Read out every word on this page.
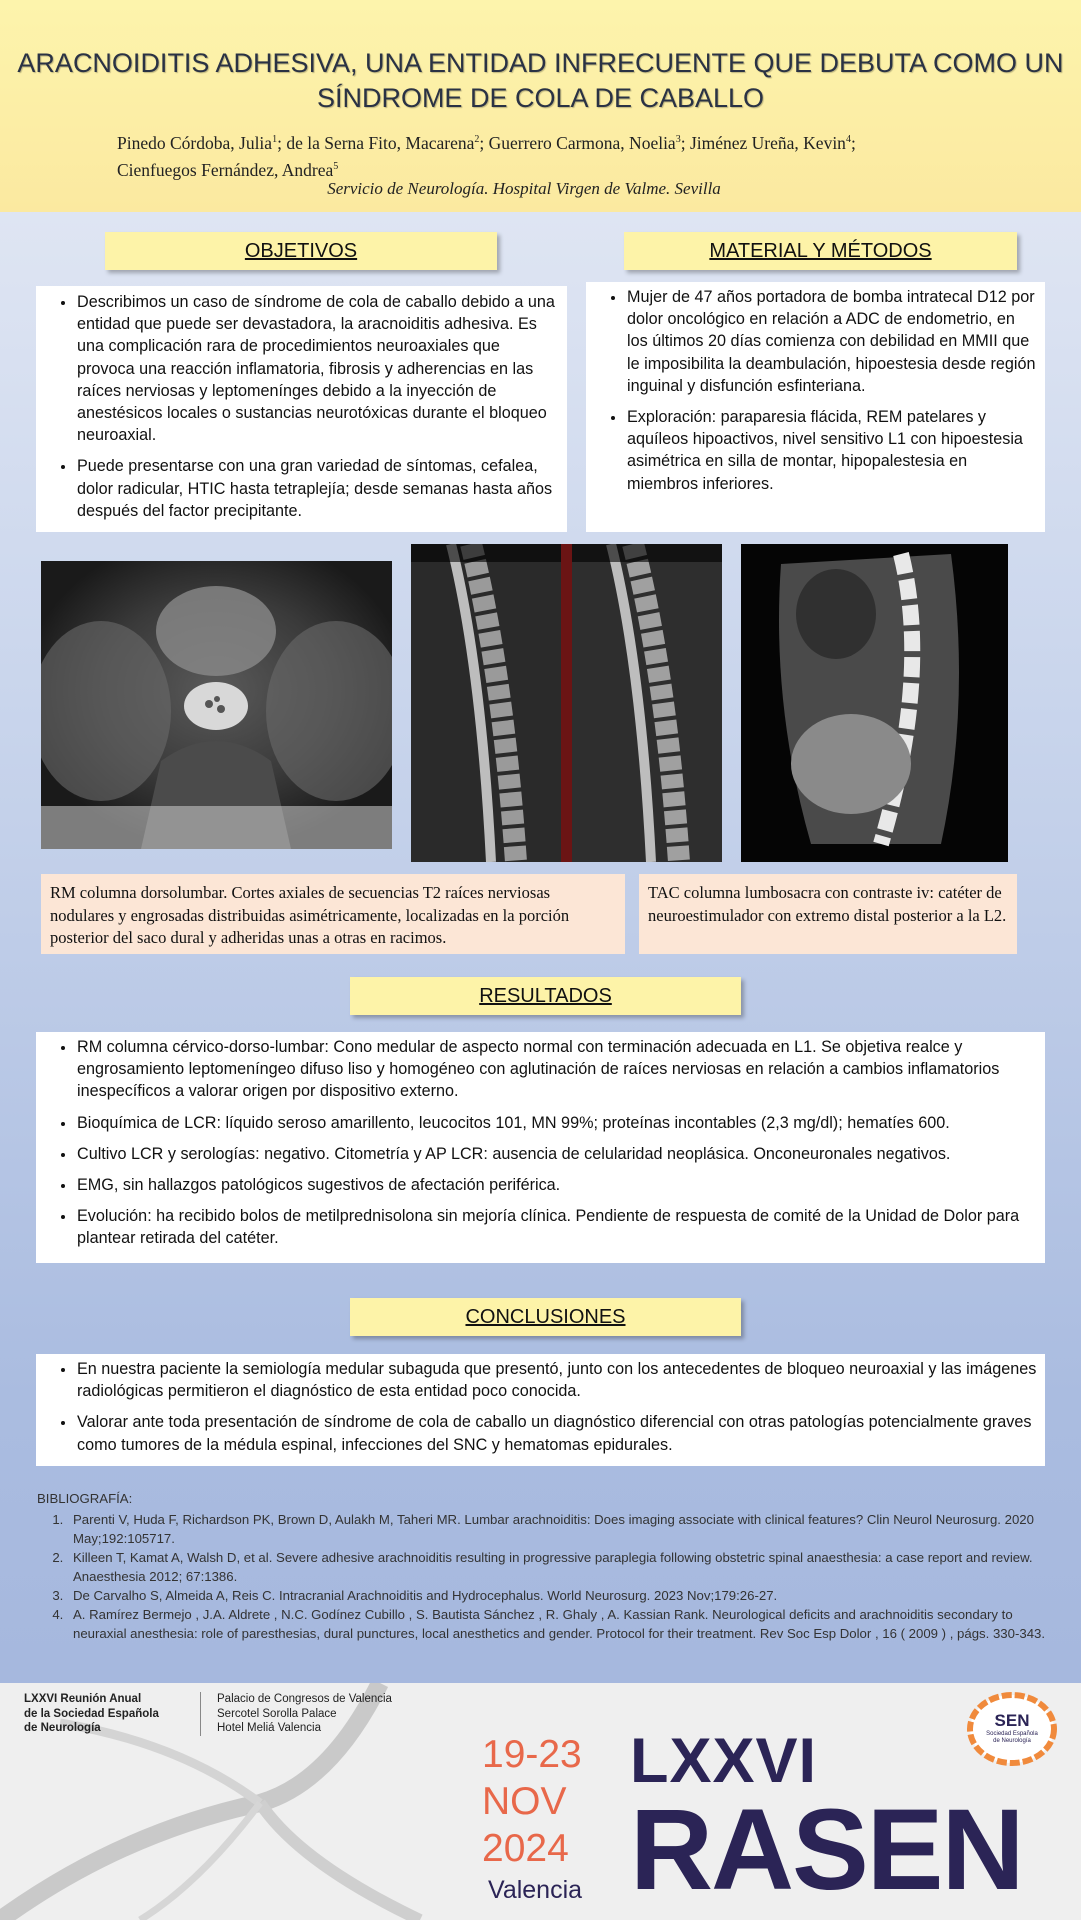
ARACNOIDITIS ADHESIVA, UNA ENTIDAD INFRECUENTE QUE DEBUTA COMO UN
SÍNDROME DE COLA DE CABALLO
Pinedo Córdoba, Julia$^1$; de la Serna Fito, Macarena$^2$; Guerrero Carmona, Noelia$^3$; Jiménez Ureña, Kevin$^4$;
Cienfuegos Fernández, Andrea$^5$
Servicio de Neurología. Hospital Virgen de Valme. Sevilla
OBJETIVOS
• Describimos un caso de síndrome de cola de caballo debido a una entidad que puede ser devastadora, la aracnoiditis adhesiva. Es una complicación rara de procedimientos neuroaxiales que provoca una reacción inflamatoria, fibrosis y adherencias en las raíces nerviosas y leptomenínges debido a la inyección de anestésicos locales o sustancias neurotóxicas durante el bloqueo neuroaxial.
• Puede presentarse con una gran variedad de síntomas, cefalea, dolor radicular, HTIC hasta tetraplejía; desde semanas hasta años después del factor precipitante.
MATERIAL Y MÉTODOS
• Mujer de 47 años portadora de bomba intratecal D12 por dolor oncológico en relación a ADC de endometrio, en los últimos 20 días comienza con debilidad en MMII que le imposibilita la deambulación, hipoestesia desde región inguinal y disfunción esfinteriana.
• Exploración: paraparesia flácida, REM patelares y aquíleos hipoactivos, nivel sensitivo L1 con hipoestesia asimétrica en silla de montar, hipopalestesia en miembros inferiores.
RM columna dorsolumbar. Cortes axiales de secuencias T2 raíces nerviosas nodulares y engrosadas distribuidas asimétricamente, localizadas en la porción posterior del saco dural y adheridas unas a otras en racimos.
TAC columna lumbosacra con contraste iv: catéter de neuroestimulador con extremo distal posterior a la L2.
RESULTADOS
• RM columna cérvico-dorso-lumbar: Cono medular de aspecto normal con terminación adecuada en L1. Se objetiva realce y engrosamiento leptomeníngeo difuso liso y homogéneo con aglutinación de raíces nerviosas en relación a cambios inflamatorios inespecíficos a valorar origen por dispositivo externo.
• Bioquímica de LCR: líquido seroso amarillento, leucocitos 101, MN 99%; proteínas incontables (2,3 mg/dl); hematíes 600.
• Cultivo LCR y serologías: negativo. Citometría y AP LCR: ausencia de celularidad neoplásica. Onconeuronales negativos.
• EMG, sin hallazgos patológicos sugestivos de afectación periférica.
• Evolución: ha recibido bolos de metilprednisolona sin mejoría clínica. Pendiente de respuesta de comité de la Unidad de Dolor para plantear retirada del catéter.
CONCLUSIONES
• En nuestra paciente la semiología medular subaguda que presentó, junto con los antecedentes de bloqueo neuroaxial y las imágenes radiológicas permitieron el diagnóstico de esta entidad poco conocida.
• Valorar ante toda presentación de síndrome de cola de caballo un diagnóstico diferencial con otras patologías potencialmente graves como tumores de la médula espinal, infecciones del SNC y hematomas epidurales.
BIBLIOGRAFÍA:
1. Parenti V, Huda F, Richardson PK, Brown D, Aulakh M, Taheri MR. Lumbar arachnoiditis: Does imaging associate with clinical features? Clin Neurol Neurosurg. 2020 May;192:105717.
2. Killeen T, Kamat A, Walsh D, et al. Severe adhesive arachnoiditis resulting in progressive paraplegia following obstetric spinal anaesthesia: a case report and review. Anaesthesia 2012; 67:1386.
3. De Carvalho S, Almeida A, Reis C. Intracranial Arachnoiditis and Hydrocephalus. World Neurosurg. 2023 Nov;179:26-27.
4. A. Ramírez Bermejo , J.A. Aldrete , N.C. Godínez Cubillo , S. Bautista Sánchez , R. Ghaly , A. Kassian Rank. Neurological deficits and arachnoiditis secondary to neuraxial anesthesia: role of paresthesias, dural punctures, local anesthetics and gender. Protocol for their treatment. Rev Soc Esp Dolor , 16 ( 2009 ) , págs. 330-343.
LXXVI Reunión Anual
de la Sociedad Española
de Neurología
Palacio de Congresos de Valencia
Sercotel Sorolla Palace
Hotel Meliá Valencia
19-23
NOV
2024
Valencia
LXXVI
RASEN
SEN
Sociedad Española
de Neurología
